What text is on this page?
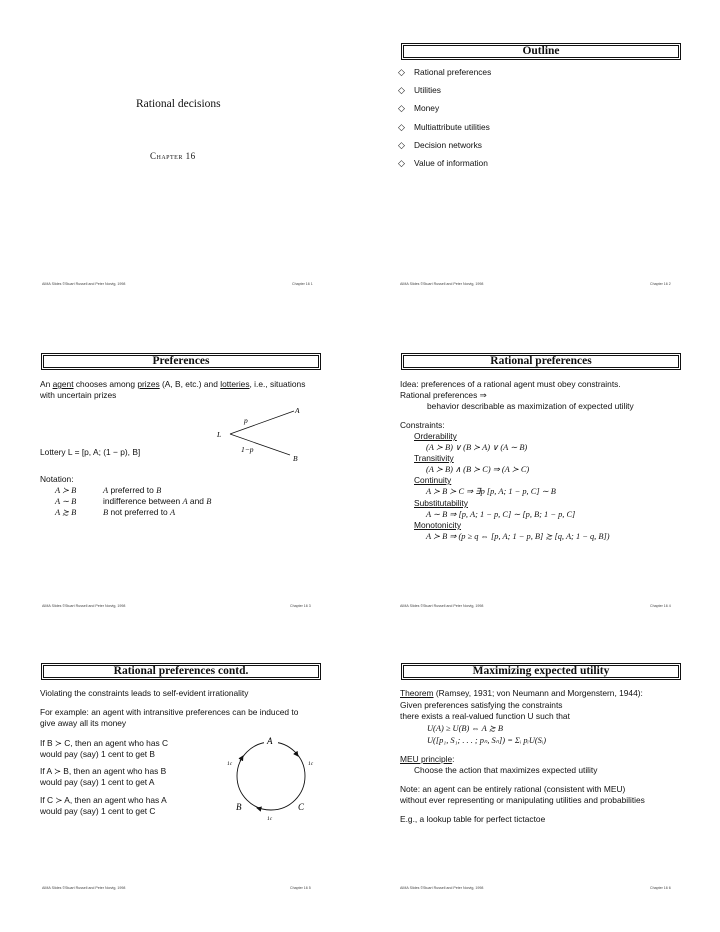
Rational decisions
Chapter 16
AIMA Slides ©Stuart Russell and Peter Norvig, 1998	Chapter 16 1
Outline
◇ Rational preferences
◇ Utilities
◇ Money
◇ Multiattribute utilities
◇ Decision networks
◇ Value of information
AIMA Slides ©Stuart Russell and Peter Norvig, 1998	Chapter 16 2
Preferences
An agent chooses among prizes (A, B, etc.) and lotteries, i.e., situations
with uncertain prizes
Lottery L = [p, A; (1 − p), B]
L
p
1−p
A
B
Notation:
A ≻ B	A preferred to B
A ∼ B	indifference between A and B
A ≿ B	B not preferred to A
AIMA Slides ©Stuart Russell and Peter Norvig, 1998	Chapter 16 3
Rational preferences
Idea: preferences of a rational agent must obey constraints.
Rational preferences ⇒
behavior describable as maximization of expected utility
Constraints:
Orderability
(A ≻ B) ∨ (B ≻ A) ∨ (A ∼ B)
Transitivity
(A ≻ B) ∧ (B ≻ C) ⇒ (A ≻ C)
Continuity
A ≻ B ≻ C ⇒ ∃p [p, A; 1 − p, C] ∼ B
Substitutability
A ∼ B ⇒ [p, A; 1 − p, C] ∼ [p, B; 1 − p, C]
Monotonicity
A ≻ B ⇒ (p ≥ q ⇔ [p, A; 1 − p, B] ≿ [q, A; 1 − q, B])
AIMA Slides ©Stuart Russell and Peter Norvig, 1998	Chapter 16 4
Rational preferences contd.
Violating the constraints leads to self-evident irrationality
For example: an agent with intransitive preferences can be induced to
give away all its money
If B ≻ C, then an agent who has C
would pay (say) 1 cent to get B
If A ≻ B, then an agent who has B
would pay (say) 1 cent to get A
If C ≻ A, then an agent who has A
would pay (say) 1 cent to get C
A
B	C
1c	1c
1c
AIMA Slides ©Stuart Russell and Peter Norvig, 1998	Chapter 16 5
Maximizing expected utility
Theorem (Ramsey, 1931; von Neumann and Morgenstern, 1944):
Given preferences satisfying the constraints
there exists a real-valued function U such that
U(A) ≥ U(B) ⇔ A ≿ B
U([p₁, S₁; . . . ; pₙ, Sₙ]) = Σᵢ pᵢU(Sᵢ)
MEU principle:
Choose the action that maximizes expected utility
Note: an agent can be entirely rational (consistent with MEU)
without ever representing or manipulating utilities and probabilities
E.g., a lookup table for perfect tictactoe
AIMA Slides ©Stuart Russell and Peter Norvig, 1998	Chapter 16 6
